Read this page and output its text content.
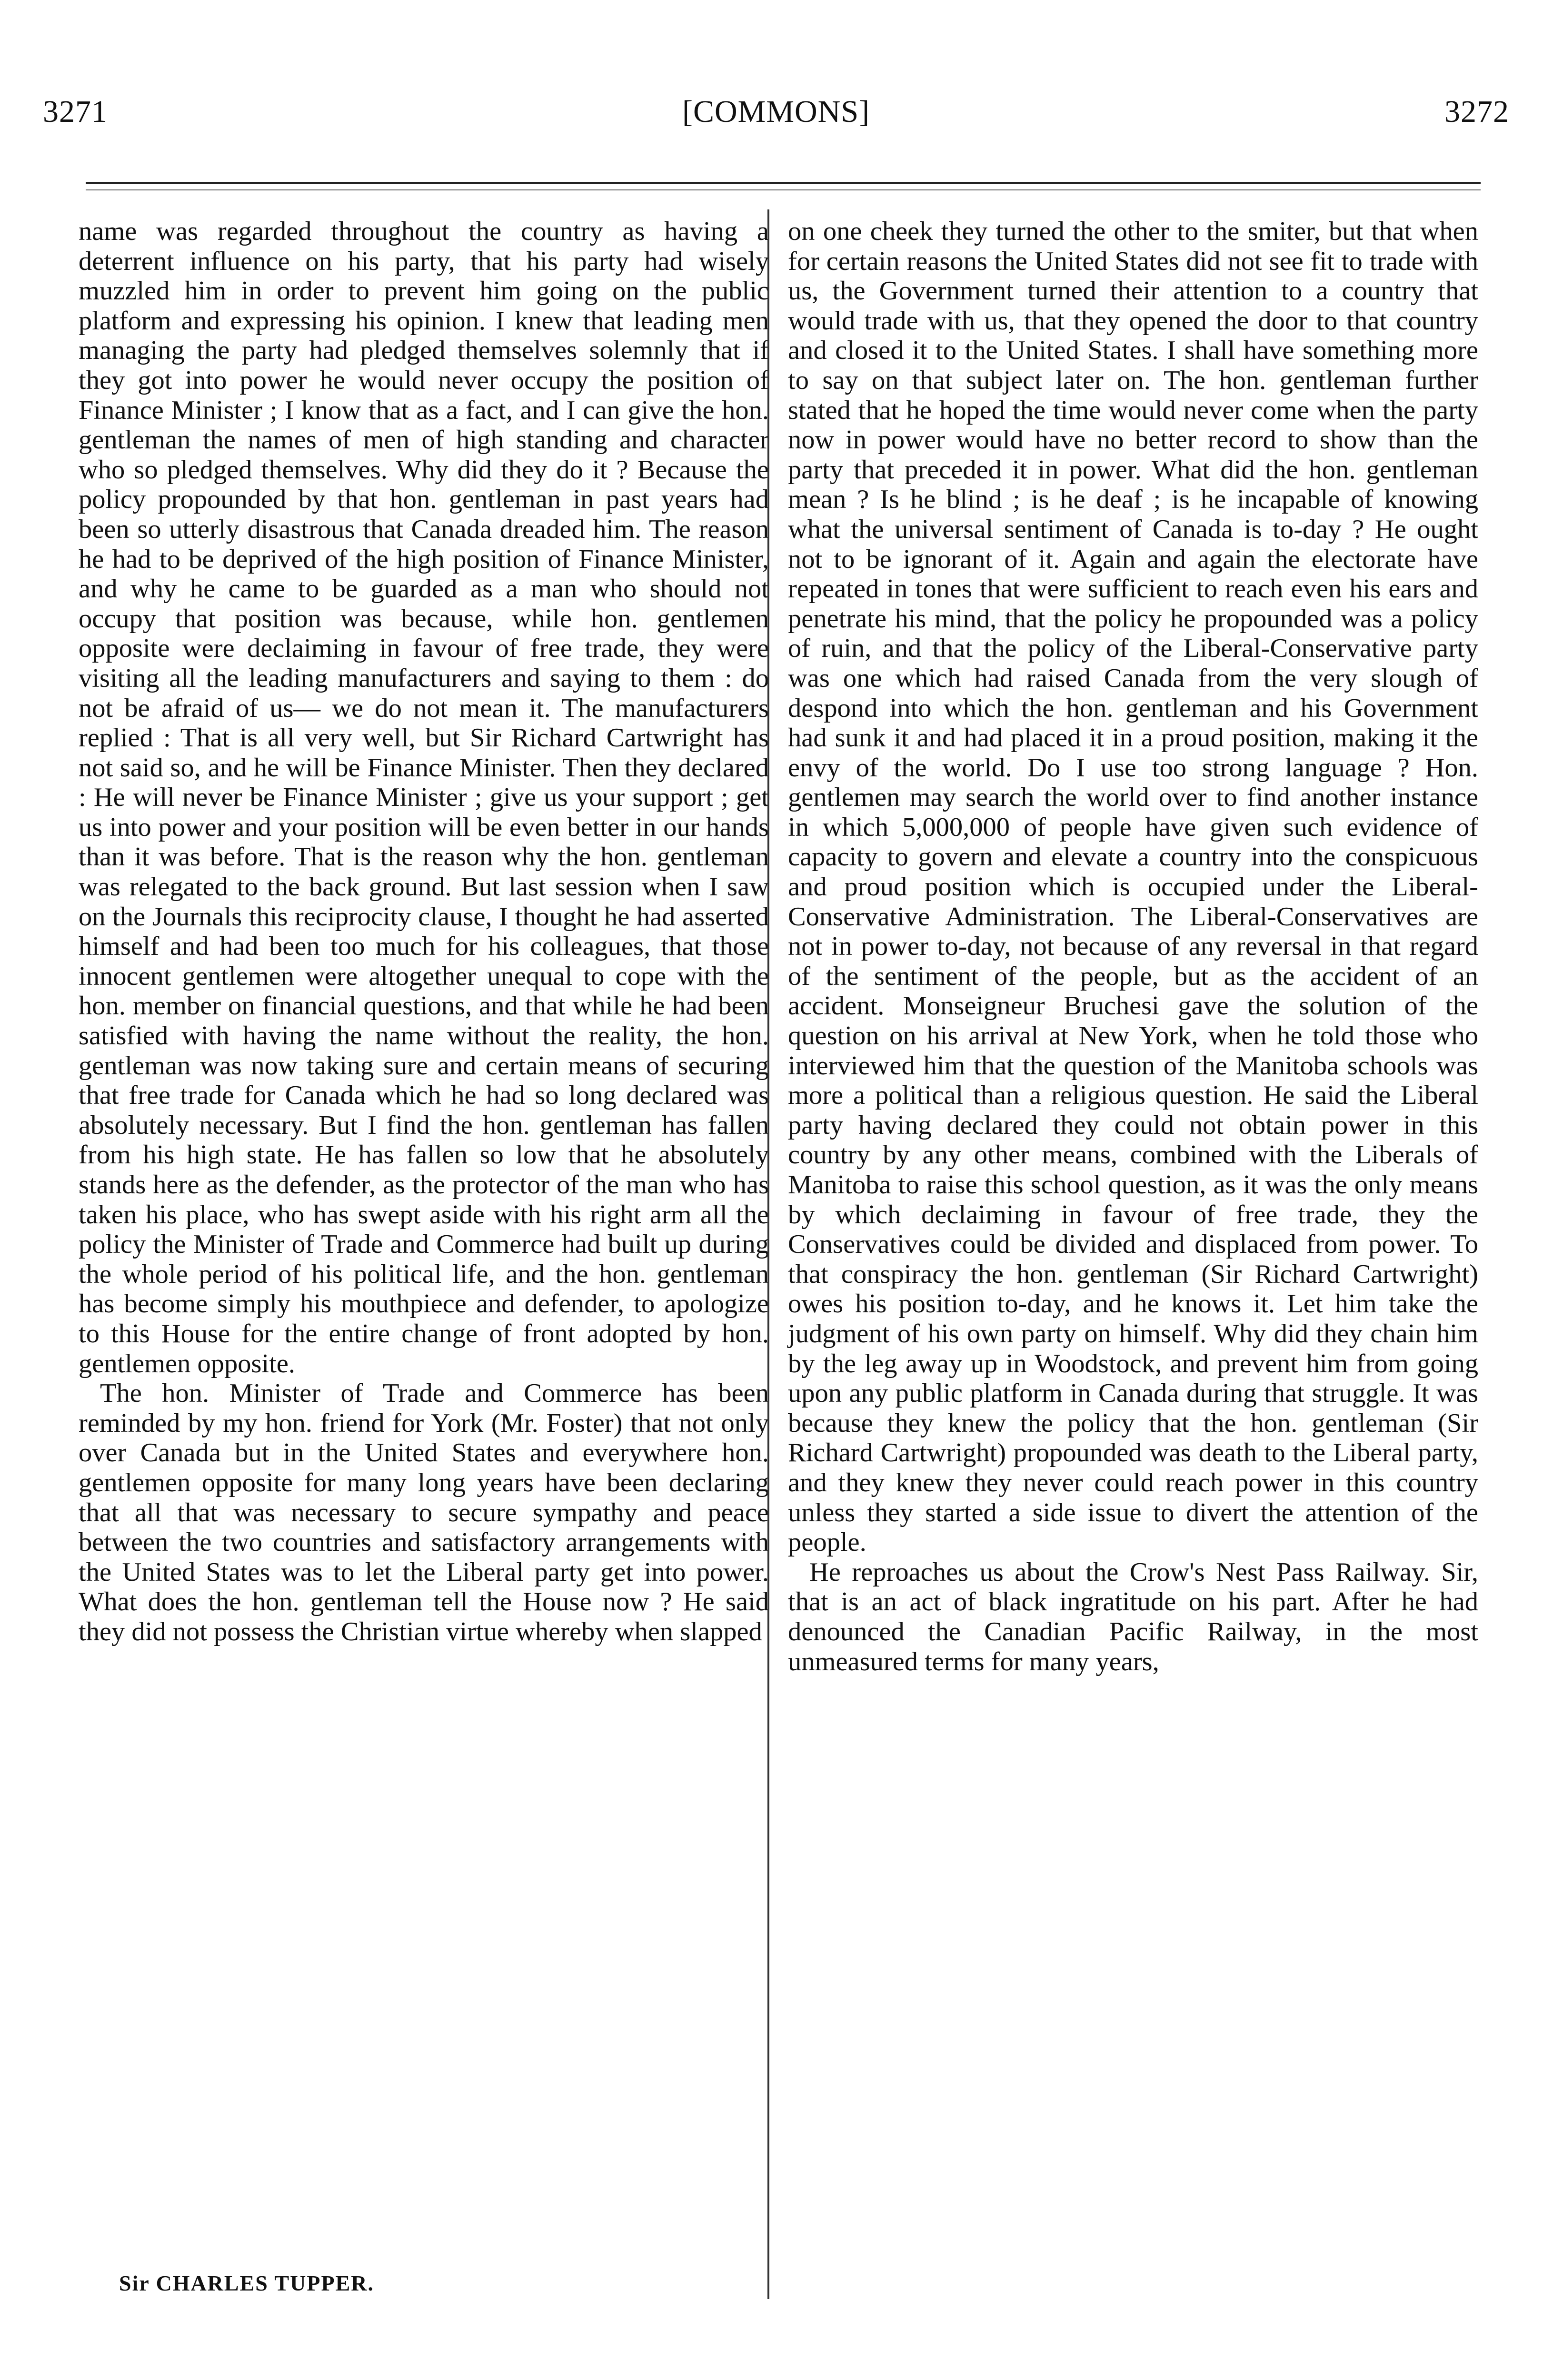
3271	[COMMONS]	3272

name was regarded throughout the country as having a deterrent influence on his party, that his party had wisely muzzled him in order to prevent him going on the public platform and expressing his opinion. I knew that leading men managing the party had pledged themselves solemnly that if they got into power he would never occupy the position of Finance Minister ; I know that as a fact, and I can give the hon. gentleman the names of men of high standing and character who so pledged themselves. Why did they do it ? Because the policy propounded by that hon. gentleman in past years had been so utterly disastrous that Canada dreaded him. The reason he had to be deprived of the high position of Finance Minister, and why he came to be guarded as a man who should not occupy that position was because, while hon. gentlemen opposite were declaiming in favour of free trade, they were visiting all the leading manufacturers and saying to them : do not be afraid of us— we do not mean it. The manufacturers replied : That is all very well, but Sir Richard Cartwright has not said so, and he will be Finance Minister. Then they declared : He will never be Finance Minister ; give us your support ; get us into power and your position will be even better in our hands than it was before. That is the reason why the hon. gentleman was relegated to the back ground. But last session when I saw on the Journals this reciprocity clause, I thought he had asserted himself and had been too much for his colleagues, that those innocent gentlemen were altogether unequal to cope with the hon. member on financial questions, and that while he had been satisfied with having the name without the reality, the hon. gentleman was now taking sure and certain means of securing that free trade for Canada which he had so long declared was absolutely necessary. But I find the hon. gentleman has fallen from his high state. He has fallen so low that he absolutely stands here as the defender, as the protector of the man who has taken his place, who has swept aside with his right arm all the policy the Minister of Trade and Commerce had built up during the whole period of his political life, and the hon. gentleman has become simply his mouthpiece and defender, to apologize to this House for the entire change of front adopted by hon. gentlemen opposite.

The hon. Minister of Trade and Commerce has been reminded by my hon. friend for York (Mr. Foster) that not only over Canada but in the United States and everywhere hon. gentlemen opposite for many long years have been declaring that all that was necessary to secure sympathy and peace between the two countries and satisfactory arrangements with the United States was to let the Liberal party get into power. What does the hon. gentleman tell the House now ? He said they did not possess the Christian virtue whereby when slapped

on one cheek they turned the other to the smiter, but that when for certain reasons the United States did not see fit to trade with us, the Government turned their attention to a country that would trade with us, that they opened the door to that country and closed it to the United States. I shall have something more to say on that subject later on. The hon. gentleman further stated that he hoped the time would never come when the party now in power would have no better record to show than the party that preceded it in power. What did the hon. gentleman mean ? Is he blind ; is he deaf ; is he incapable of knowing what the universal sentiment of Canada is to-day ? He ought not to be ignorant of it. Again and again the electorate have repeated in tones that were sufficient to reach even his ears and penetrate his mind, that the policy he propounded was a policy of ruin, and that the policy of the Liberal-Conservative party was one which had raised Canada from the very slough of despond into which the hon. gentleman and his Government had sunk it and had placed it in a proud position, making it the envy of the world. Do I use too strong language ? Hon. gentlemen may search the world over to find another instance in which 5,000,000 of people have given such evidence of capacity to govern and elevate a country into the conspicuous and proud position which is occupied under the Liberal-Conservative Administration. The Liberal-Conservatives are not in power to-day, not because of any reversal in that regard of the sentiment of the people, but as the accident of an accident. Monseigneur Bruchesi gave the solution of the question on his arrival at New York, when he told those who interviewed him that the question of the Manitoba schools was more a political than a religious question. He said the Liberal party having declared they could not obtain power in this country by any other means, combined with the Liberals of Manitoba to raise this school question, as it was the only means by which declaiming in favour of free trade, they the Conservatives could be divided and displaced from power. To that conspiracy the hon. gentleman (Sir Richard Cartwright) owes his position to-day, and he knows it. Let him take the judgment of his own party on himself. Why did they chain him by the leg away up in Woodstock, and prevent him from going upon any public platform in Canada during that struggle. It was because they knew the policy that the hon. gentleman (Sir Richard Cartwright) propounded was death to the Liberal party, and they knew they never could reach power in this country unless they started a side issue to divert the attention of the people.

He reproaches us about the Crow's Nest Pass Railway. Sir, that is an act of black ingratitude on his part. After he had denounced the Canadian Pacific Railway, in the most unmeasured terms for many years,

Sir CHARLES TUPPER.
